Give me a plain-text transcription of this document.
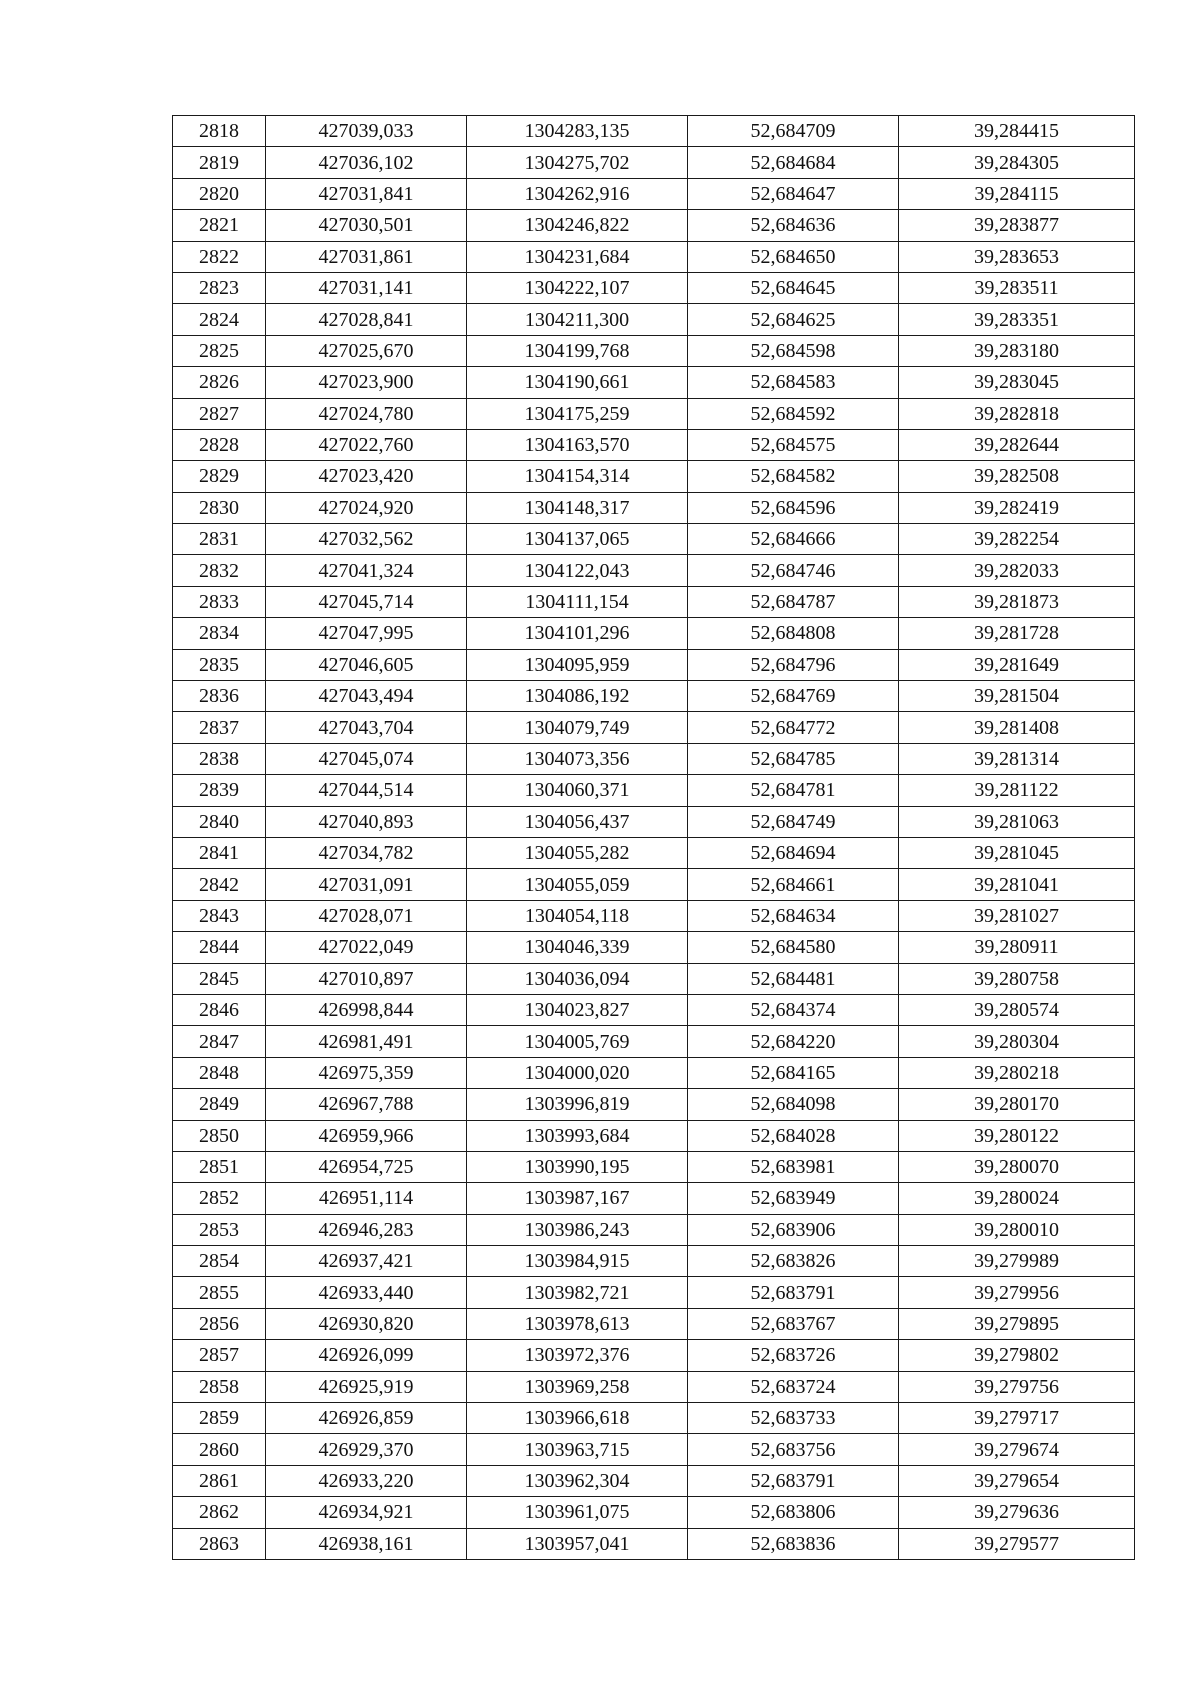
2818	427039,033	1304283,135	52,684709	39,284415
2819	427036,102	1304275,702	52,684684	39,284305
2820	427031,841	1304262,916	52,684647	39,284115
2821	427030,501	1304246,822	52,684636	39,283877
2822	427031,861	1304231,684	52,684650	39,283653
2823	427031,141	1304222,107	52,684645	39,283511
2824	427028,841	1304211,300	52,684625	39,283351
2825	427025,670	1304199,768	52,684598	39,283180
2826	427023,900	1304190,661	52,684583	39,283045
2827	427024,780	1304175,259	52,684592	39,282818
2828	427022,760	1304163,570	52,684575	39,282644
2829	427023,420	1304154,314	52,684582	39,282508
2830	427024,920	1304148,317	52,684596	39,282419
2831	427032,562	1304137,065	52,684666	39,282254
2832	427041,324	1304122,043	52,684746	39,282033
2833	427045,714	1304111,154	52,684787	39,281873
2834	427047,995	1304101,296	52,684808	39,281728
2835	427046,605	1304095,959	52,684796	39,281649
2836	427043,494	1304086,192	52,684769	39,281504
2837	427043,704	1304079,749	52,684772	39,281408
2838	427045,074	1304073,356	52,684785	39,281314
2839	427044,514	1304060,371	52,684781	39,281122
2840	427040,893	1304056,437	52,684749	39,281063
2841	427034,782	1304055,282	52,684694	39,281045
2842	427031,091	1304055,059	52,684661	39,281041
2843	427028,071	1304054,118	52,684634	39,281027
2844	427022,049	1304046,339	52,684580	39,280911
2845	427010,897	1304036,094	52,684481	39,280758
2846	426998,844	1304023,827	52,684374	39,280574
2847	426981,491	1304005,769	52,684220	39,280304
2848	426975,359	1304000,020	52,684165	39,280218
2849	426967,788	1303996,819	52,684098	39,280170
2850	426959,966	1303993,684	52,684028	39,280122
2851	426954,725	1303990,195	52,683981	39,280070
2852	426951,114	1303987,167	52,683949	39,280024
2853	426946,283	1303986,243	52,683906	39,280010
2854	426937,421	1303984,915	52,683826	39,279989
2855	426933,440	1303982,721	52,683791	39,279956
2856	426930,820	1303978,613	52,683767	39,279895
2857	426926,099	1303972,376	52,683726	39,279802
2858	426925,919	1303969,258	52,683724	39,279756
2859	426926,859	1303966,618	52,683733	39,279717
2860	426929,370	1303963,715	52,683756	39,279674
2861	426933,220	1303962,304	52,683791	39,279654
2862	426934,921	1303961,075	52,683806	39,279636
2863	426938,161	1303957,041	52,683836	39,279577
